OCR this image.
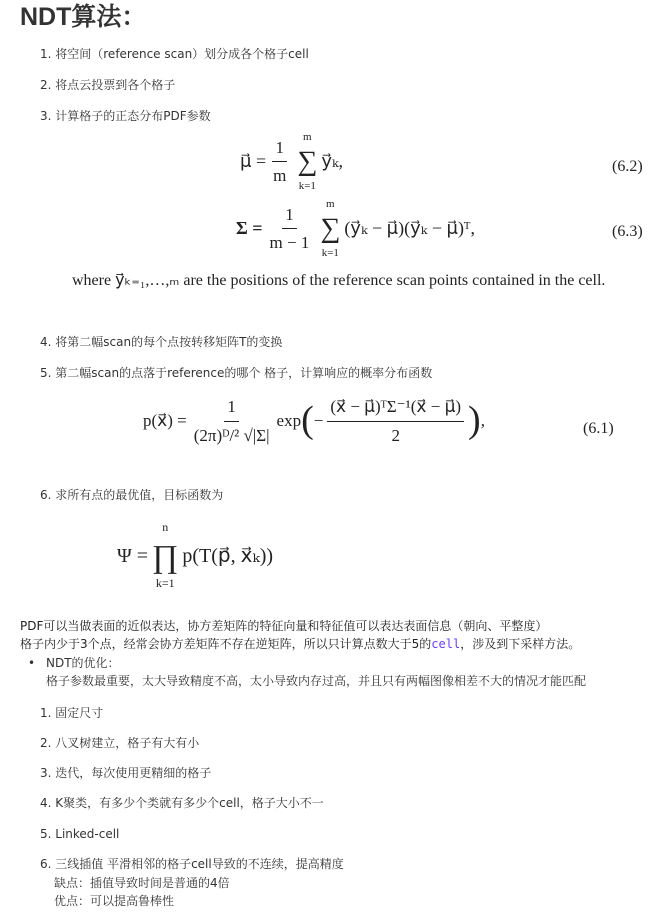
NDT算法：
1. 将空间（reference scan）划分成各个格子cell
2. 将点云投票到各个格子
3. 计算格子的正态分布PDF参数
μ⃗ = $\frac{1}{m}$ m
∑
k=1
y⃗ₖ,	(6.2)
$\Sigma = \frac{1}{m - 1}$ m
∑
k=1
(y⃗ₖ − μ⃗)(y⃗ₖ − μ⃗)ᵀ,	(6.3)
where y⃗ₖ₌₁,…,ₘ are the positions of the reference scan points contained in the cell.
4. 将第二幅scan的每个点按转移矩阵T的变换
5. 第二幅scan的点落于reference的哪个 格子，计算响应的概率分布函数
p(x⃗) = $\frac{1}{\text{(2π)ᴰ/² √|Σ|}}$ exp ( − $\frac{\text{(x⃗ − μ⃗)ᵀΣ⁻¹(x⃗ − μ⃗)}}{2}$ ) ,	(6.1)
6. 求所有点的最优值，目标函数为
Ψ =
n
∏
k=1
p(T(p⃗, x⃗ₖ))
PDF可以当做表面的近似表达，协方差矩阵的特征向量和特征值可以表达表面信息（朝向、平整度）
格子内少于3个点，经常会协方差矩阵不存在逆矩阵，所以只计算点数大于5的cell，涉及到下采样方法。
• NDT的优化：
格子参数最重要，太大导致精度不高，太小导致内存过高，并且只有两幅图像相差不大的情况才能匹配
1. 固定尺寸
2. 八叉树建立，格子有大有小
3. 迭代，每次使用更精细的格子
4. K聚类，有多少个类就有多少个cell，格子大小不一
5. Linked-cell
6. 三线插值 平滑相邻的格子cell导致的不连续，提高精度
缺点：插值导致时间是普通的4倍
优点：可以提高鲁棒性
